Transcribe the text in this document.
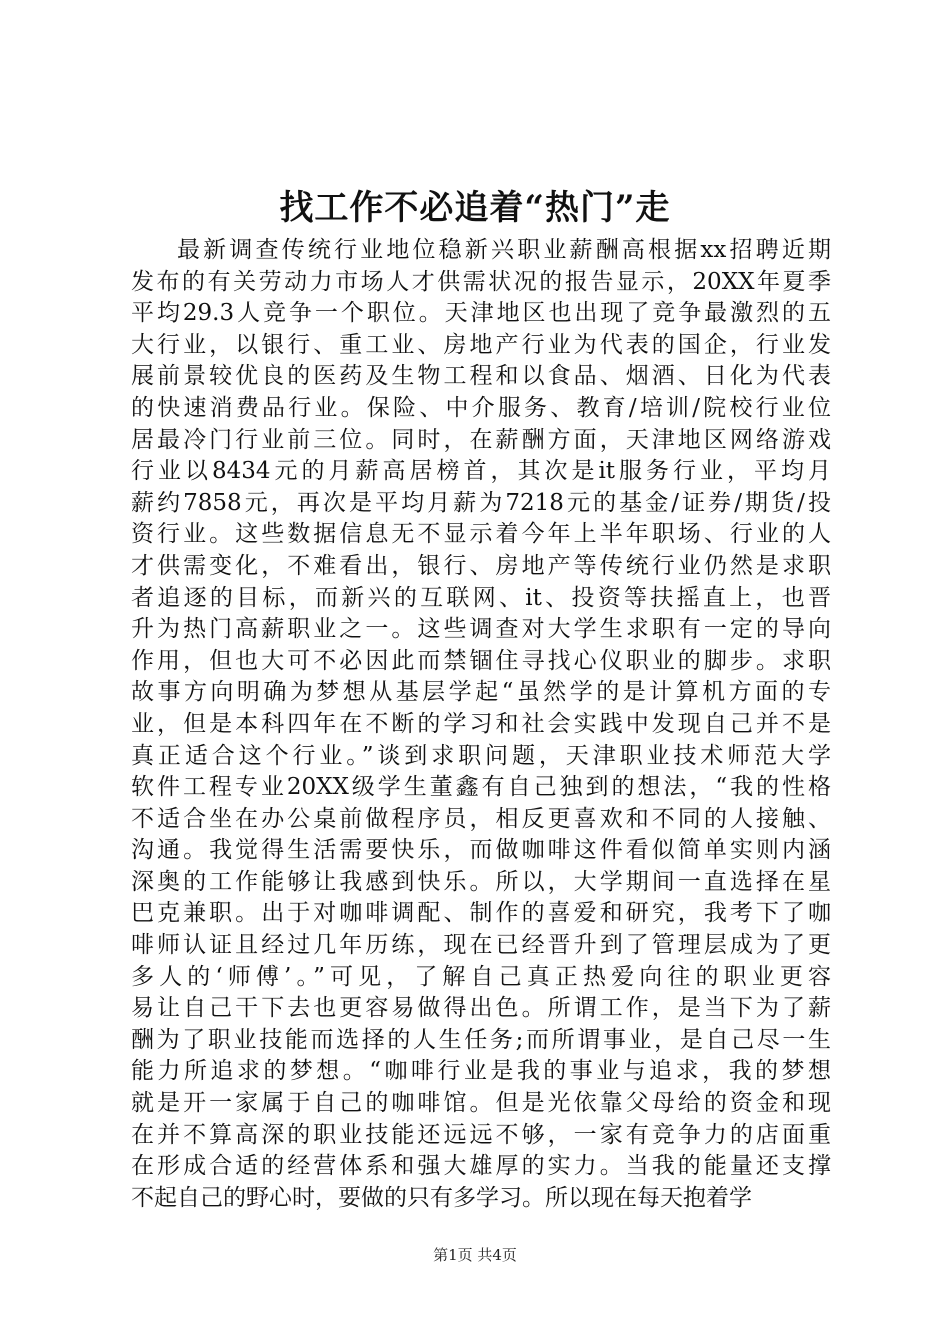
找工作不必追着“热门”走
最新调查传统行业地位稳新兴职业薪酬高根据xx招聘近期
发布的有关劳动力市场人才供需状况的报告显示，20XX年夏季
平均29.3人竞争一个职位。天津地区也出现了竞争最激烈的五
大行业，以银行、重工业、房地产行业为代表的国企，行业发
展前景较优良的医药及生物工程和以食品、烟酒、日化为代表
的快速消费品行业。保险、中介服务、教育/培训/院校行业位
居最冷门行业前三位。同时，在薪酬方面，天津地区网络游戏
行业以8434元的月薪高居榜首，其次是it服务行业，平均月
薪约7858元，再次是平均月薪为7218元的基金/证券/期货/投
资行业。这些数据信息无不显示着今年上半年职场、行业的人
才供需变化，不难看出，银行、房地产等传统行业仍然是求职
者追逐的目标，而新兴的互联网、it、投资等扶摇直上，也晋
升为热门高薪职业之一。这些调查对大学生求职有一定的导向
作用，但也大可不必因此而禁锢住寻找心仪职业的脚步。求职
故事方向明确为梦想从基层学起“虽然学的是计算机方面的专
业，但是本科四年在不断的学习和社会实践中发现自己并不是
真正适合这个行业。”谈到求职问题，天津职业技术师范大学
软件工程专业20XX级学生董鑫有自己独到的想法，“我的性格
不适合坐在办公桌前做程序员，相反更喜欢和不同的人接触、
沟通。我觉得生活需要快乐，而做咖啡这件看似简单实则内涵
深奥的工作能够让我感到快乐。所以，大学期间一直选择在星
巴克兼职。出于对咖啡调配、制作的喜爱和研究，我考下了咖
啡师认证且经过几年历练，现在已经晋升到了管理层成为了更
多人的‘师傅’。”可见，了解自己真正热爱向往的职业更容
易让自己干下去也更容易做得出色。所谓工作，是当下为了薪
酬为了职业技能而选择的人生任务;而所谓事业，是自己尽一生
能力所追求的梦想。“咖啡行业是我的事业与追求，我的梦想
就是开一家属于自己的咖啡馆。但是光依靠父母给的资金和现
在并不算高深的职业技能还远远不够，一家有竞争力的店面重
在形成合适的经营体系和强大雄厚的实力。当我的能量还支撑
不起自己的野心时，要做的只有多学习。所以现在每天抱着学
第1页 共4页
